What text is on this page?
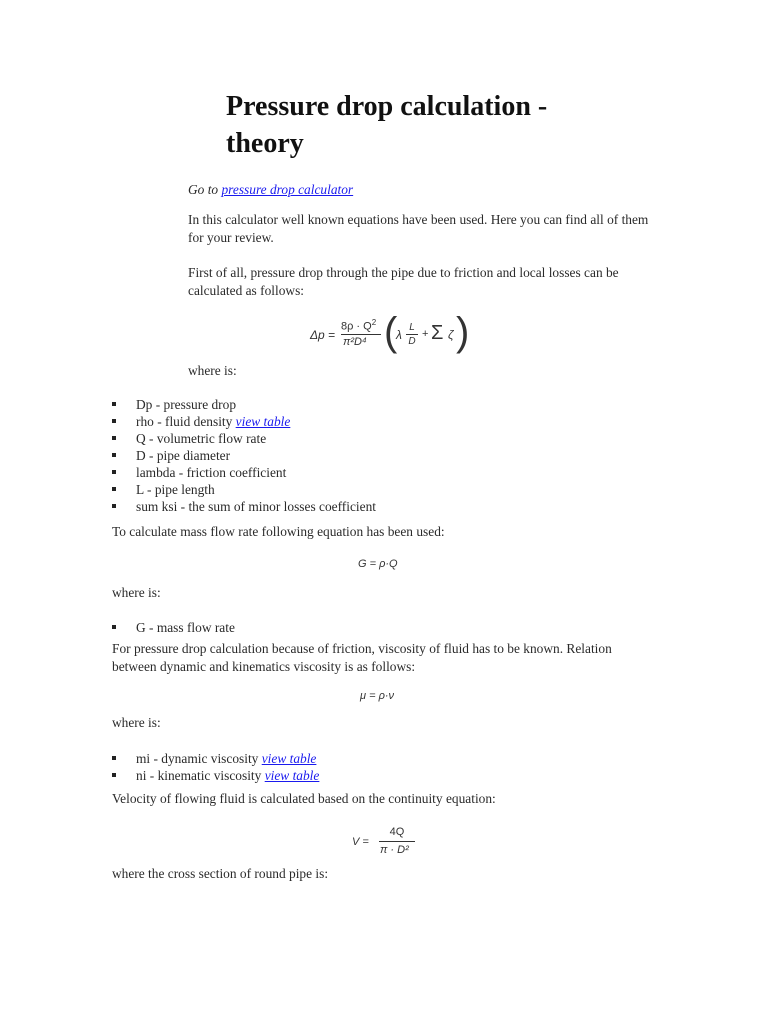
Pressure drop calculation - theory

Go to pressure drop calculator

In this calculator well known equations have been used. Here you can find all of them for your review.

First of all, pressure drop through the pipe due to friction and local losses can be calculated as follows:

Δp =
$8\rho \cdot Q^2$
π²D⁴ (
λ
L
D
+ Σ ζ )

where is:

Dp - pressure drop
rho - fluid density view table
Q - volumetric flow rate
D - pipe diameter
lambda - friction coefficient
L - pipe length
sum ksi - the sum of minor losses coefficient

To calculate mass flow rate following equation has been used:

G = ρ·Q

where is:

G - mass flow rate

For pressure drop calculation because of friction, viscosity of fluid has to be known. Relation between dynamic and kinematics viscosity is as follows:

μ = ρ·ν

where is:

mi - dynamic viscosity view table
ni - kinematic viscosity view table

Velocity of flowing fluid is calculated based on the continuity equation:

V =
4Q
π · D²

where the cross section of round pipe is:
